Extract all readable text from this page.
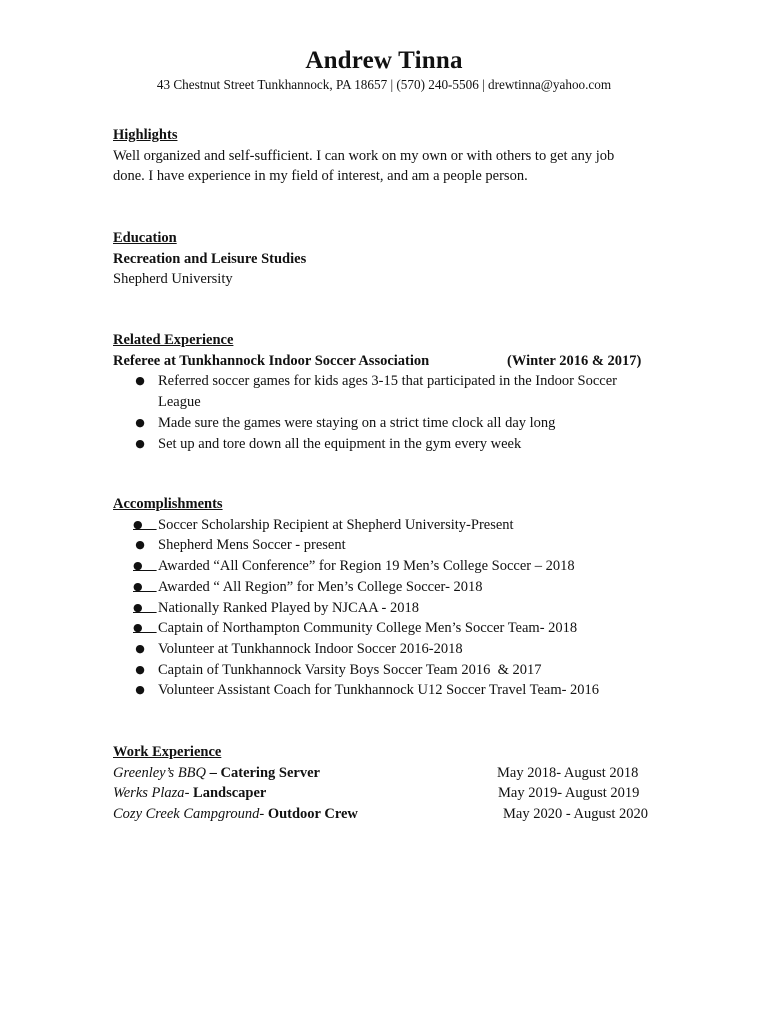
Andrew Tinna
43 Chestnut Street Tunkhannock, PA 18657 | (570) 240-5506 | drewtinna@yahoo.com
Highlights
Well organized and self-sufficient. I can work on my own or with others to get any job
done. I have experience in my field of interest, and am a people person.
Education
Recreation and Leisure Studies
Shepherd University
Related Experience
Referee at Tunkhannock Indoor Soccer Association	(Winter 2016 & 2017)
● Referred soccer games for kids ages 3-15 that participated in the Indoor Soccer
League
● Made sure the games were staying on a strict time clock all day long
● Set up and tore down all the equipment in the gym every week
Accomplishments
● Soccer Scholarship Recipient at Shepherd University-Present
● Shepherd Mens Soccer - present
● Awarded “All Conference” for Region 19 Men’s College Soccer – 2018
● Awarded “ All Region” for Men’s College Soccer- 2018
● Nationally Ranked Played by NJCAA - 2018
● Captain of Northampton Community College Men’s Soccer Team- 2018
● Volunteer at Tunkhannock Indoor Soccer 2016-2018
● Captain of Tunkhannock Varsity Boys Soccer Team 2016  & 2017
● Volunteer Assistant Coach for Tunkhannock U12 Soccer Travel Team- 2016
Work Experience
Greenley’s BBQ – Catering Server	May 2018- August 2018
Werks Plaza- Landscaper	May 2019- August 2019
Cozy Creek Campground- Outdoor Crew	May 2020 - August 2020
